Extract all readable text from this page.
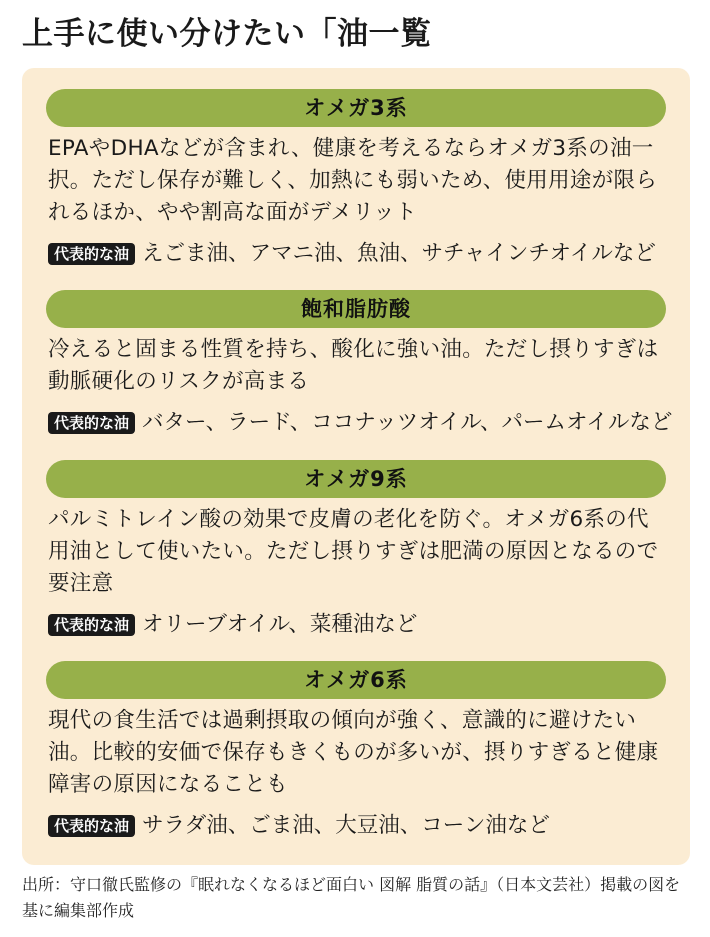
上手に使い分けたい「油一覧
オメガ3系
EPAやDHAなどが含まれ、健康を考えるならオメガ3系の油一択。ただし保存が難しく、加熱にも弱いため、使用用途が限られるほか、やや割高な面がデメリット
代表的な油 えごま油、アマニ油、魚油、サチャインチオイルなど
飽和脂肪酸
冷えると固まる性質を持ち、酸化に強い油。ただし摂りすぎは動脈硬化のリスクが高まる
代表的な油 バター、ラード、ココナッツオイル、パームオイルなど
オメガ9系
パルミトレイン酸の効果で皮膚の老化を防ぐ。オメガ6系の代用油として使いたい。ただし摂りすぎは肥満の原因となるので要注意
代表的な油 オリーブオイル、菜種油など
オメガ6系
現代の食生活では過剰摂取の傾向が強く、意識的に避けたい油。比較的安価で保存もきくものが多いが、摂りすぎると健康障害の原因になることも
代表的な油 サラダ油、ごま油、大豆油、コーン油など
出所：守口徹氏監修の『眠れなくなるほど面白い 図解 脂質の話』（日本文芸社）掲載の図を基に編集部作成
